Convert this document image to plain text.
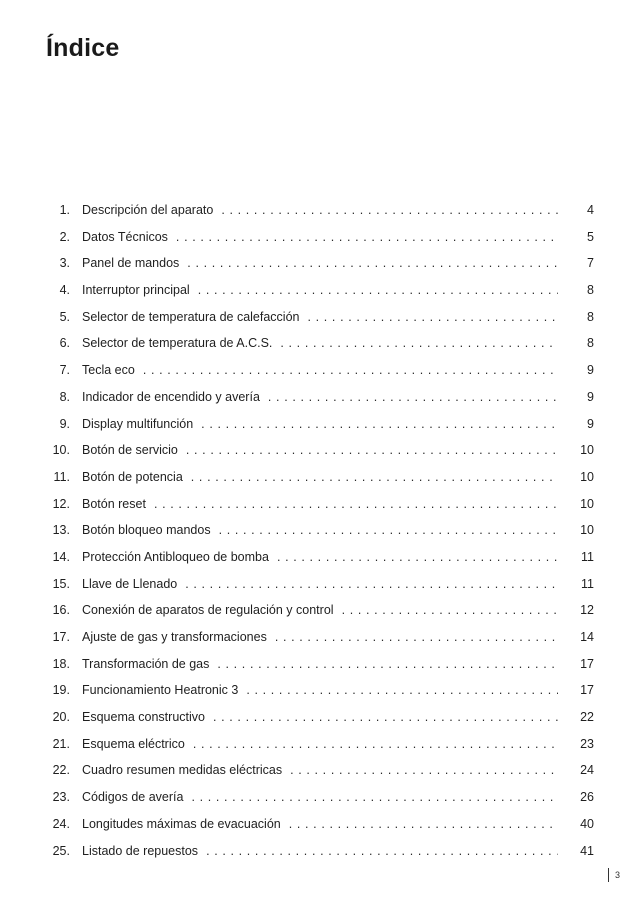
Índice
1. Descripción del aparato . . .	4
2. Datos Técnicos . . .	5
3. Panel de mandos . . .	7
4. Interruptor principal . . .	8
5. Selector de temperatura de calefacción . . .	8
6. Selector de temperatura de A.C.S. . . .	8
7. Tecla eco . . .	9
8. Indicador de encendido y avería . . .	9
9. Display multifunción . . .	9
10. Botón de servicio . . .	10
11. Botón de potencia . . .	10
12. Botón reset . . .	10
13. Botón bloqueo mandos . . .	10
14. Protección Antibloqueo de bomba . . .	11
15. Llave de Llenado . . .	11
16. Conexión de aparatos de regulación y control . . .	12
17. Ajuste de gas y transformaciones . . .	14
18. Transformación de gas . . .	17
19. Funcionamiento Heatronic 3 . . .	17
20. Esquema constructivo . . .	22
21. Esquema eléctrico . . .	23
22. Cuadro resumen medidas eléctricas . . .	24
23. Códigos de avería . . .	26
24. Longitudes máximas de evacuación . . .	40
25. Listado de repuestos . . .	41
3
